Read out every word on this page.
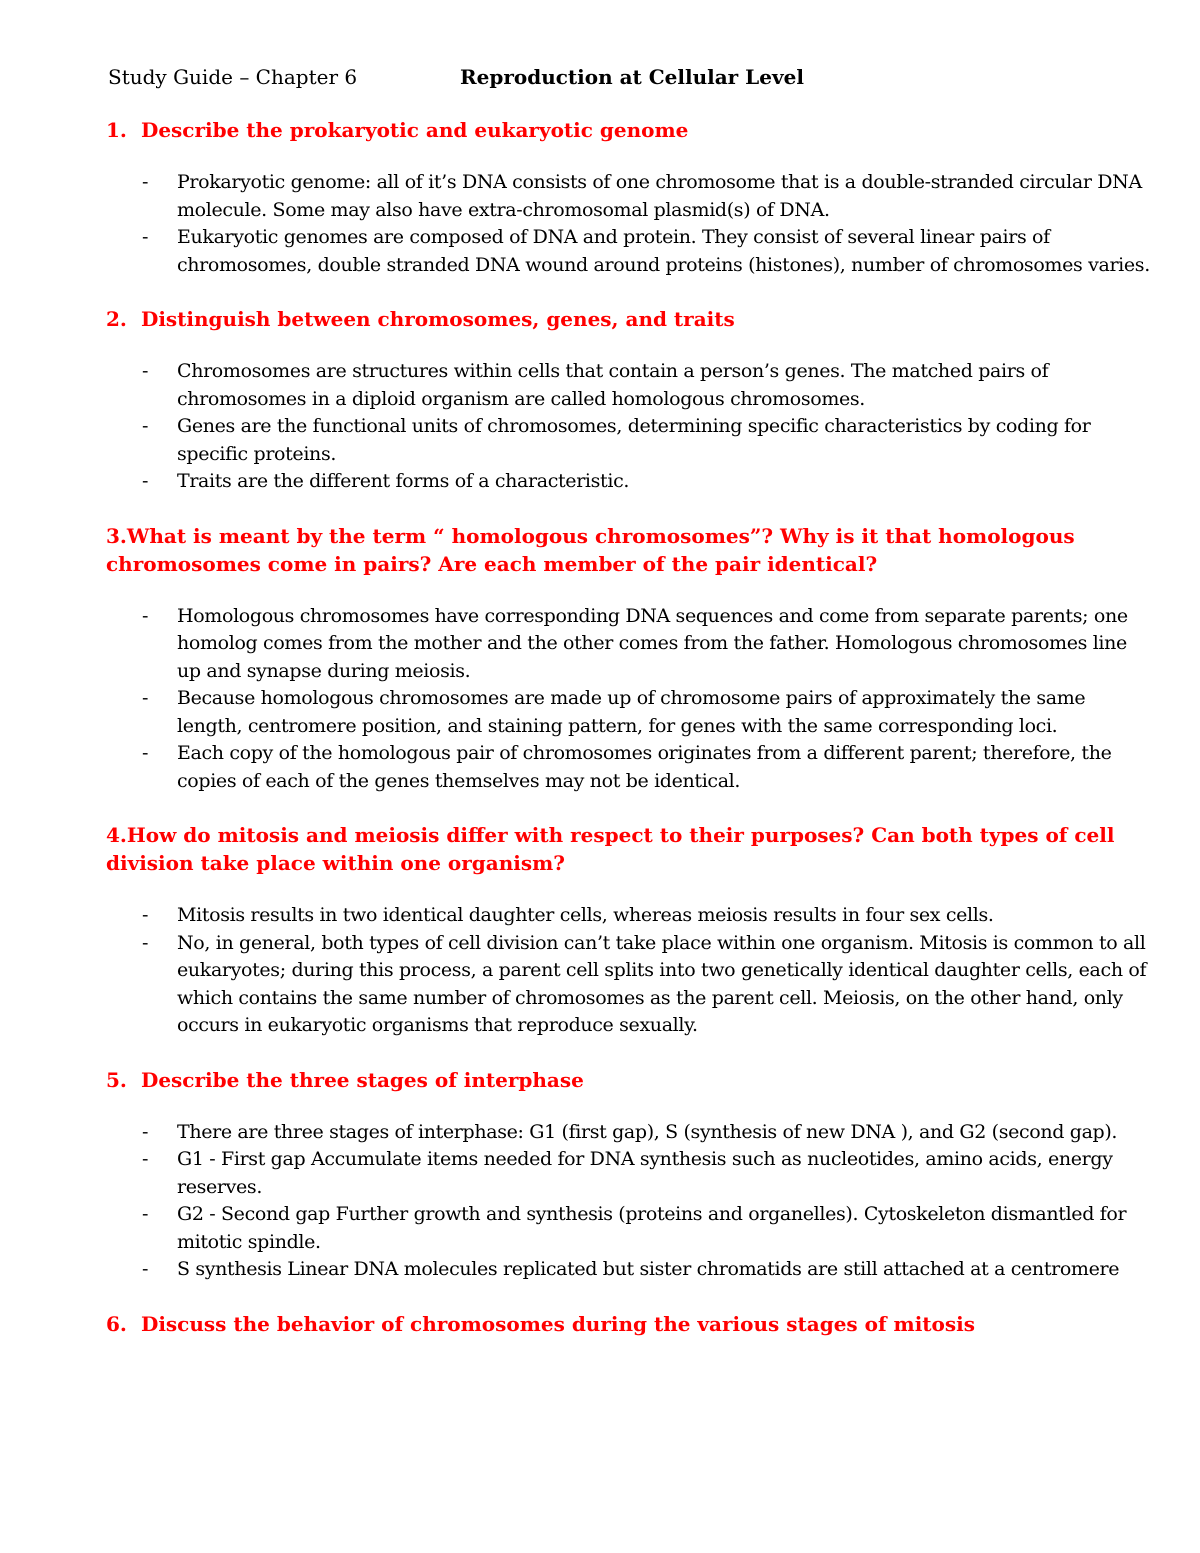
Study Guide – Chapter 6	Reproduction at Cellular Level

1. Describe the prokaryotic and eukaryotic genome

- Prokaryotic genome: all of it’s DNA consists of one chromosome that is a double-stranded circular DNA molecule. Some may also have extra-chromosomal plasmid(s) of DNA.
- Eukaryotic genomes are composed of DNA and protein. They consist of several linear pairs of chromosomes, double stranded DNA wound around proteins (histones), number of chromosomes varies.

2. Distinguish between chromosomes, genes, and traits

- Chromosomes are structures within cells that contain a person’s genes. The matched pairs of chromosomes in a diploid organism are called homologous chromosomes.
- Genes are the functional units of chromosomes, determining specific characteristics by coding for specific proteins.
- Traits are the different forms of a characteristic.

3.What is meant by the term “ homologous chromosomes”? Why is it that homologous chromosomes come in pairs? Are each member of the pair identical?

- Homologous chromosomes have corresponding DNA sequences and come from separate parents; one homolog comes from the mother and the other comes from the father. Homologous chromosomes line up and synapse during meiosis.
- Because homologous chromosomes are made up of chromosome pairs of approximately the same length, centromere position, and staining pattern, for genes with the same corresponding loci.
- Each copy of the homologous pair of chromosomes originates from a different parent; therefore, the copies of each of the genes themselves may not be identical.

4.How do mitosis and meiosis differ with respect to their purposes? Can both types of cell division take place within one organism?

- Mitosis results in two identical daughter cells, whereas meiosis results in four sex cells.
- No, in general, both types of cell division can’t take place within one organism. Mitosis is common to all eukaryotes; during this process, a parent cell splits into two genetically identical daughter cells, each of which contains the same number of chromosomes as the parent cell. Meiosis, on the other hand, only occurs in eukaryotic organisms that reproduce sexually.

5. Describe the three stages of interphase

- There are three stages of interphase: G1 (first gap), S (synthesis of new DNA ), and G2 (second gap).
- G1 - First gap Accumulate items needed for DNA synthesis such as nucleotides, amino acids, energy reserves.
- G2 - Second gap Further growth and synthesis (proteins and organelles). Cytoskeleton dismantled for mitotic spindle.
- S synthesis Linear DNA molecules replicated but sister chromatids are still attached at a centromere

6. Discuss the behavior of chromosomes during the various stages of mitosis
